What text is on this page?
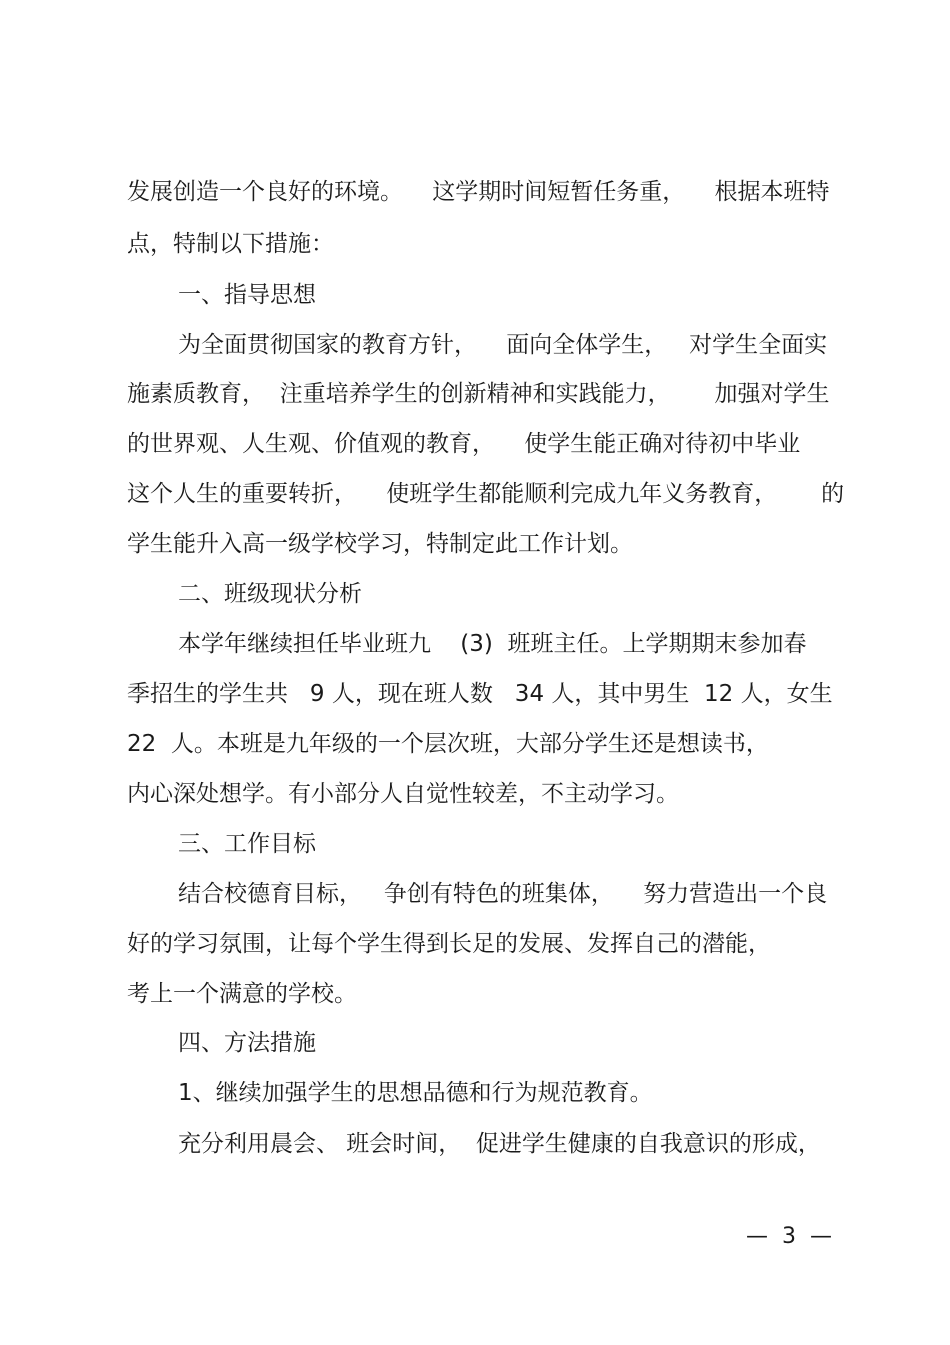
发展创造一个良好的环境。    这学期时间短暂任务重，    根据本班特

点，特制以下措施：

一、指导思想

为全面贯彻国家的教育方针，    面向全体学生，   对学生全面实

施素质教育，  注重培养学生的创新精神和实践能力，      加强对学生

的世界观、人生观、价值观的教育，    使学生能正确对待初中毕业

这个人生的重要转折，    使班学生都能顺利完成九年义务教育，      的

学生能升入高一级学校学习，特制定此工作计划。

二、班级现状分析

本学年继续担任毕业班九    (3)  班班主任。上学期期末参加春

季招生的学生共   9 人，现在班人数   34 人，其中男生  12 人，女生

22  人。本班是九年级的一个层次班，大部分学生还是想读书，

内心深处想学。有小部分人自觉性较差，不主动学习。

三、工作目标

结合校德育目标，   争创有特色的班集体，    努力营造出一个良

好的学习氛围，让每个学生得到长足的发展、发挥自己的潜能，

考上一个满意的学校。

四、方法措施

1、继续加强学生的思想品德和行为规范教育。

充分利用晨会、 班会时间，  促进学生健康的自我意识的形成，

—  3  —
